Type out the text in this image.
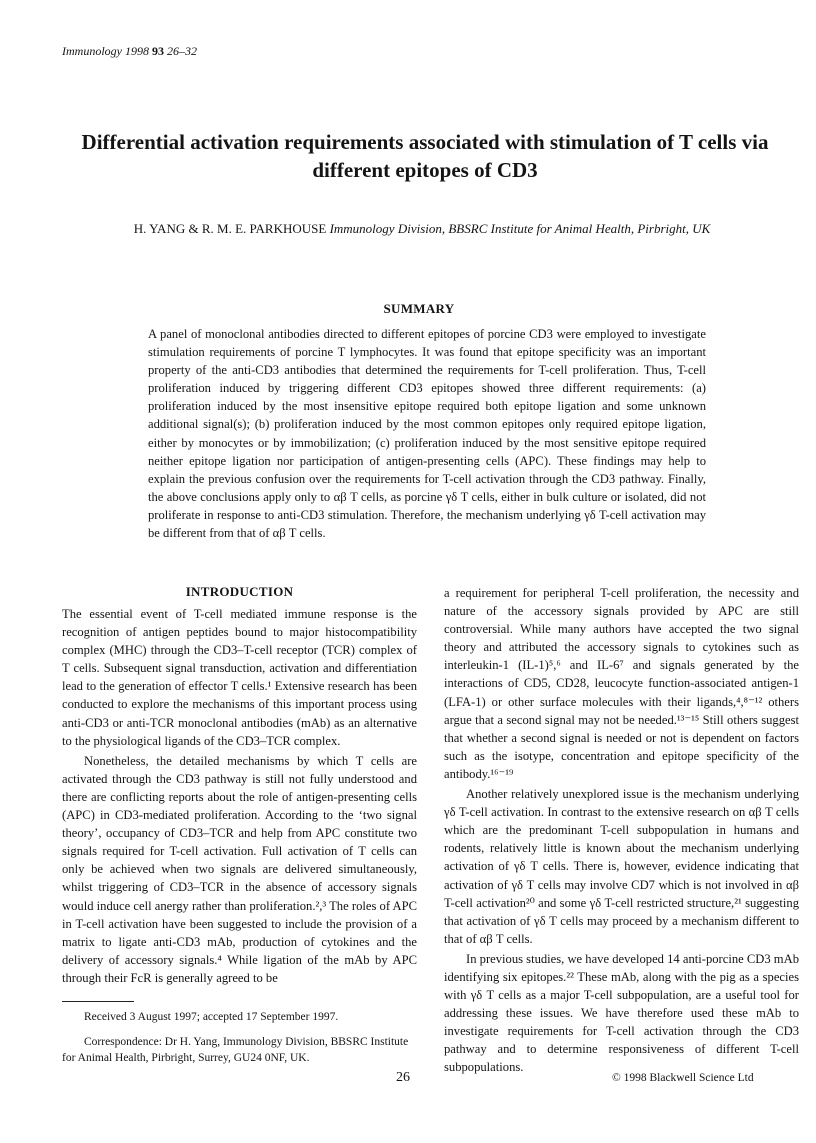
Immunology 1998 93 26–32
Differential activation requirements associated with stimulation of T cells via different epitopes of CD3
H. YANG & R. M. E. PARKHOUSE Immunology Division, BBSRC Institute for Animal Health, Pirbright, UK
SUMMARY
A panel of monoclonal antibodies directed to different epitopes of porcine CD3 were employed to investigate stimulation requirements of porcine T lymphocytes. It was found that epitope specificity was an important property of the anti-CD3 antibodies that determined the requirements for T-cell proliferation. Thus, T-cell proliferation induced by triggering different CD3 epitopes showed three different requirements: (a) proliferation induced by the most insensitive epitope required both epitope ligation and some unknown additional signal(s); (b) proliferation induced by the most common epitopes only required epitope ligation, either by monocytes or by immobilization; (c) proliferation induced by the most sensitive epitope required neither epitope ligation nor participation of antigen-presenting cells (APC). These findings may help to explain the previous confusion over the requirements for T-cell activation through the CD3 pathway. Finally, the above conclusions apply only to αβ T cells, as porcine γδ T cells, either in bulk culture or isolated, did not proliferate in response to anti-CD3 stimulation. Therefore, the mechanism underlying γδ T-cell activation may be different from that of αβ T cells.
INTRODUCTION

The essential event of T-cell mediated immune response is the recognition of antigen peptides bound to major histocompatibility complex (MHC) through the CD3–T-cell receptor (TCR) complex of T cells. Subsequent signal transduction, activation and differentiation lead to the generation of effector T cells.¹ Extensive research has been conducted to explore the mechanisms of this important process using anti-CD3 or anti-TCR monoclonal antibodies (mAb) as an alternative to the physiological ligands of the CD3–TCR complex.

Nonetheless, the detailed mechanisms by which T cells are activated through the CD3 pathway is still not fully understood and there are conflicting reports about the role of antigen-presenting cells (APC) in CD3-mediated proliferation. According to the ‘two signal theory’, occupancy of CD3–TCR and help from APC constitute two signals required for T-cell activation. Full activation of T cells can only be achieved when two signals are delivered simultaneously, whilst triggering of CD3–TCR in the absence of accessory signals would induce cell anergy rather than proliferation.²,³ The roles of APC in T-cell activation have been suggested to include the provision of a matrix to ligate anti-CD3 mAb, production of cytokines and the delivery of accessory signals.⁴ While ligation of the mAb by APC through their FcR is generally agreed to be

a requirement for peripheral T-cell proliferation, the necessity and nature of the accessory signals provided by APC are still controversial. While many authors have accepted the two signal theory and attributed the accessory signals to cytokines such as interleukin-1 (IL-1)⁵,⁶ and IL-6⁷ and signals generated by the interactions of CD5, CD28, leucocyte function-associated antigen-1 (LFA-1) or other surface molecules with their ligands,⁴,⁸⁻¹² others argue that a second signal may not be needed.¹³⁻¹⁵ Still others suggest that whether a second signal is needed or not is dependent on factors such as the isotype, concentration and epitope specificity of the antibody.¹⁶⁻¹⁹

Another relatively unexplored issue is the mechanism underlying γδ T-cell activation. In contrast to the extensive research on αβ T cells which are the predominant T-cell subpopulation in humans and rodents, relatively little is known about the mechanism underlying activation of γδ T cells. There is, however, evidence indicating that activation of γδ T cells may involve CD7 which is not involved in αβ T-cell activation²⁰ and some γδ T-cell restricted structure,²¹ suggesting that activation of γδ T cells may proceed by a mechanism different to that of αβ T cells.

In previous studies, we have developed 14 anti-porcine CD3 mAb identifying six epitopes.²² These mAb, along with the pig as a species with γδ T cells as a major T-cell subpopulation, are a useful tool for addressing these issues. We have therefore used these mAb to investigate requirements for T-cell activation through the CD3 pathway and to determine responsiveness of different T-cell subpopulations.

Received 3 August 1997; accepted 17 September 1997.
Correspondence: Dr H. Yang, Immunology Division, BBSRC Institute for Animal Health, Pirbright, Surrey, GU24 0NF, UK.
26	© 1998 Blackwell Science Ltd
